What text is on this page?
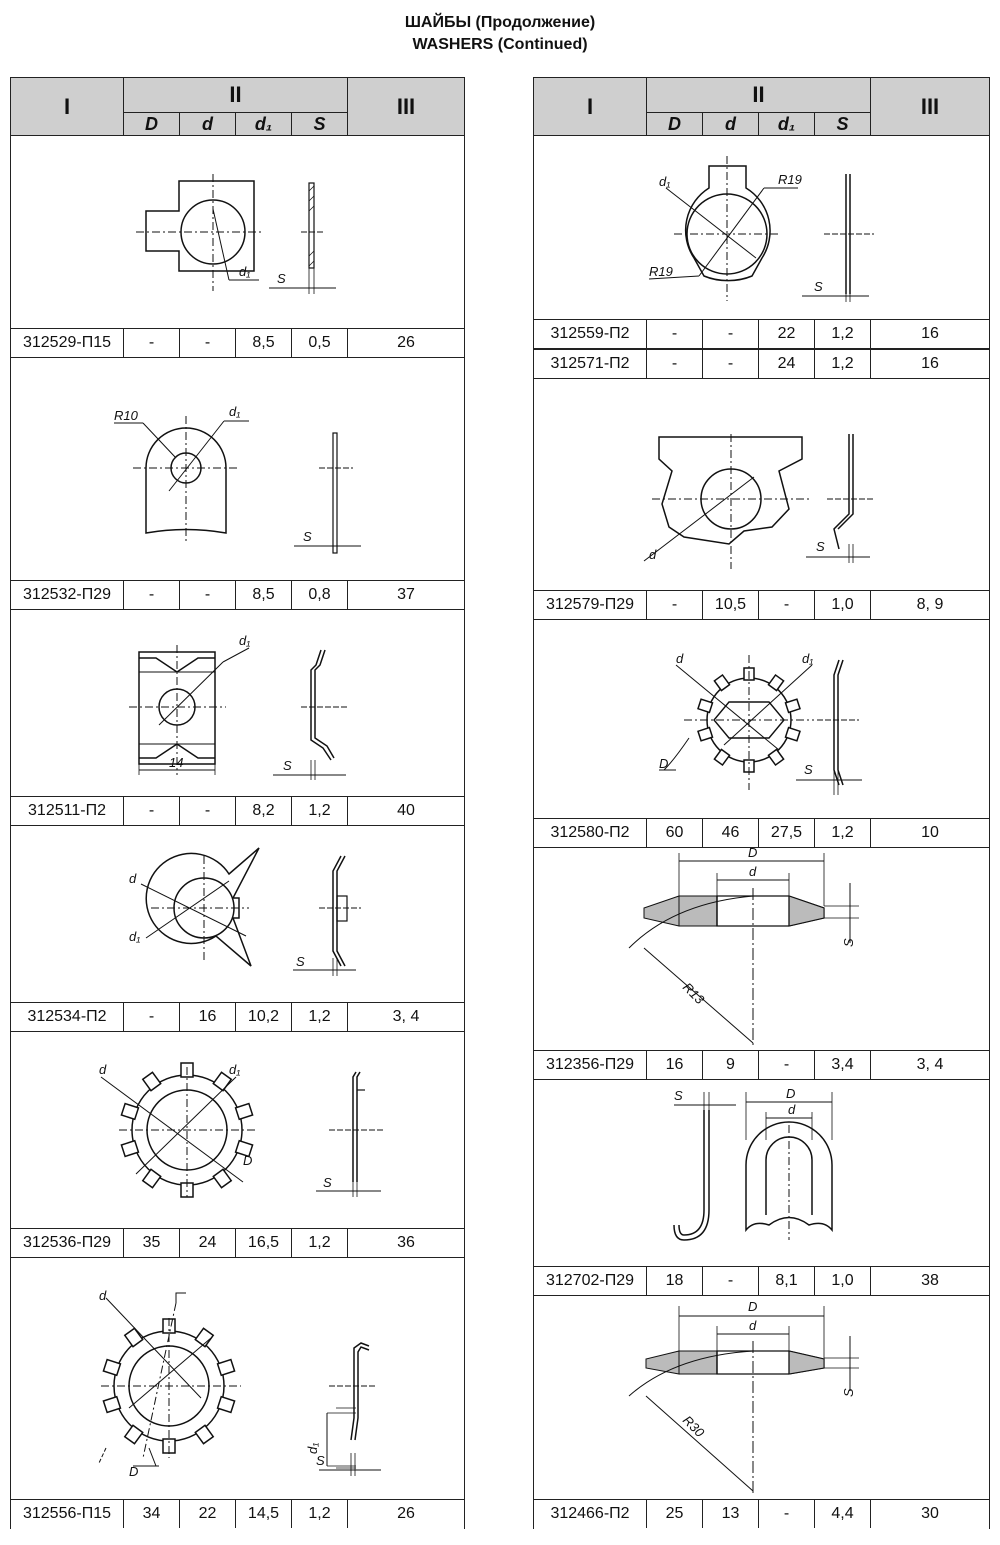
ШАЙБЫ (Продолжение)
WASHERS (Continued)
I	II	III
D	d	d₁	S
d₁ S
312529-П15	-	-	8,5	0,5	26
R10	d₁
S
312532-П29	-	-	8,5	0,8	37
d₁
14	S
312511-П2	-	-	8,2	1,2	40
d
d₁
S
312534-П2	-	16	10,2	1,2	3, 4
d	d₁
D
S
312536-П29	35	24	16,5	1,2	36
d
D
d₁
S
312556-П15	34	22	14,5	1,2	26
I	II	III
D	d	d₁	S
d₁	R19
R19
S
312559-П2	-	-	22	1,2	16
312571-П2	-	-	24	1,2	16
d
S
312579-П29	-	10,5	-	1,0	8, 9
d	d₁
D	S
312580-П2	60	46	27,5	1,2	10
D
d
R13
S
312356-П29	16	9	-	3,4	3, 4
S	D
d
312702-П29	18	-	8,1	1,0	38
D
d
R30
S
312466-П2	25	13	-	4,4	30
